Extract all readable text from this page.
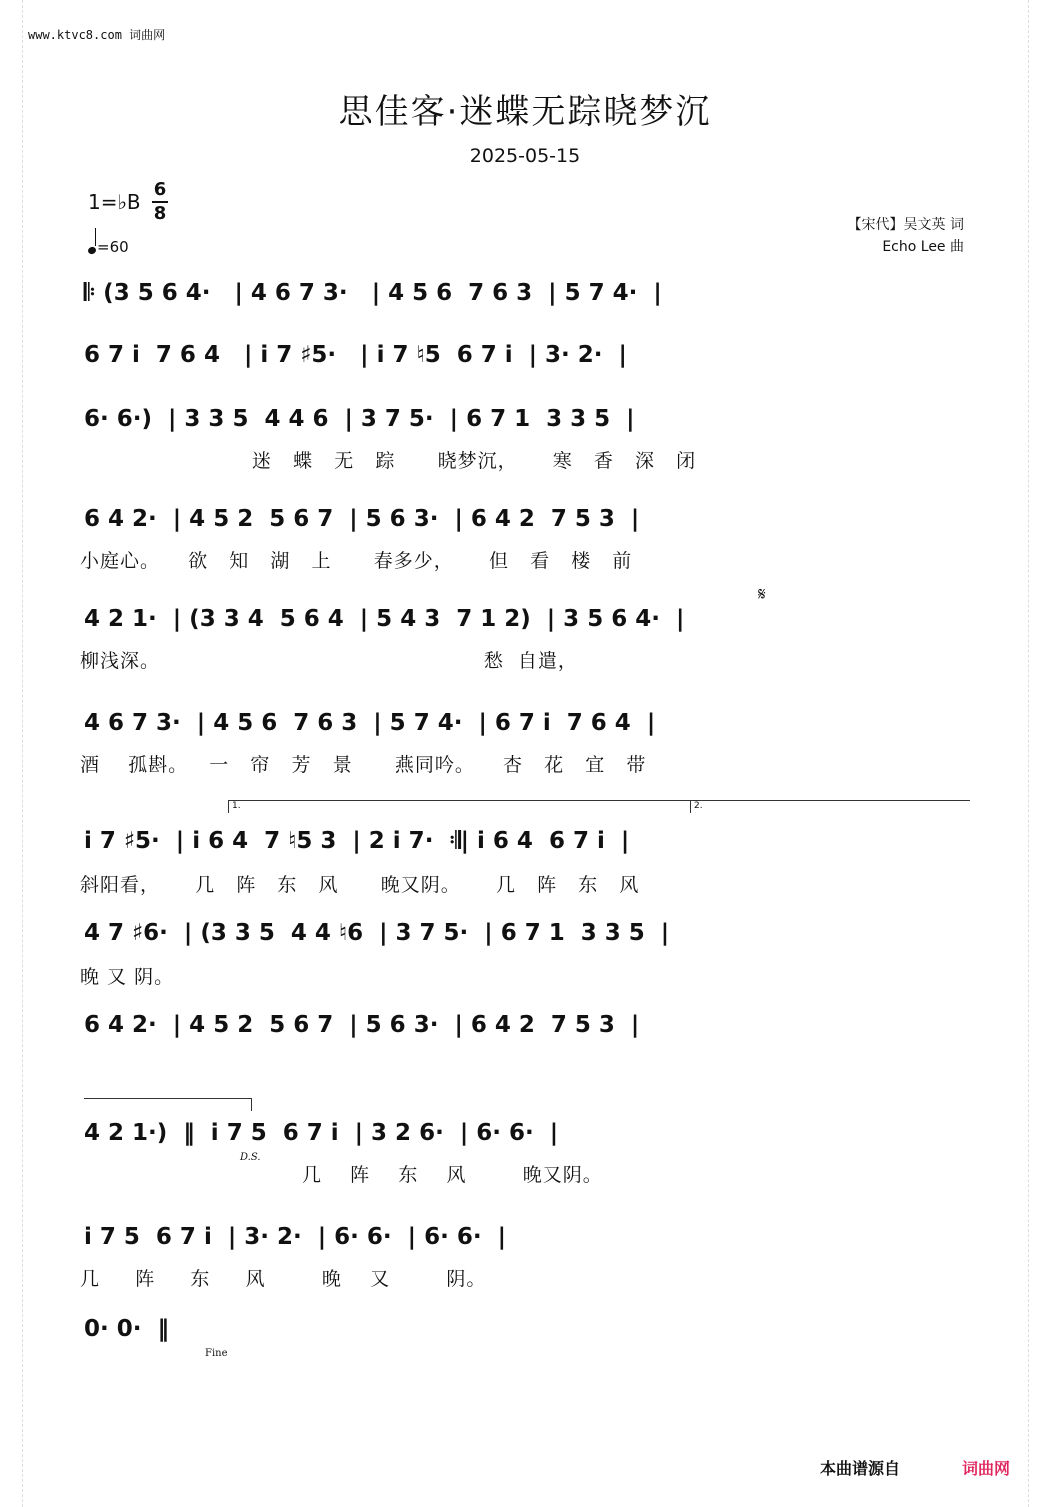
www.ktvc8.com 词曲网
思佳客·迷蝶无踪晓梦沉
2025-05-15
1=♭B
6
8
=60
【宋代】吴文英 词
Echo Lee 曲
𝄆 (3 5 6 4·   | 4 6 7 3·   | 4 5 6  7 6 3  | 5 7 4·  |
6 7 i  7 6 4   | i 7 ♯5·   | i 7 ♮5  6 7 i  | 3· 2·  |
6· 6·)  | 3 3 5  4 4 6  | 3 7 5·  | 6 7 1  3 3 5  |
迷   蝶   无   踪      晓梦沉，     寒   香   深   闭
6 4 2·  | 4 5 2  5 6 7  | 5 6 3·  | 6 4 2  7 5 3  |
小庭心。    欲   知   湖   上      春多少，     但   看   楼   前
𝄋
4 2 1·  | (3 3 4  5 6 4  | 5 4 3  7 1 2)  | 3 5 6 4·  |
柳浅深。                                              愁  自遣，
4 6 7 3·  | 4 5 6  7 6 3  | 5 7 4·  | 6 7 i  7 6 4  |
酒    孤斟。   一   帘   芳   景      燕同吟。    杏   花   宜   带
1.	2.
i 7 ♯5·  | i 6 4  7 ♮5 3  | 2 i 7·  𝄇| i 6 4  6 7 i  |
斜阳看，     几   阵   东   风      晚又阴。     几   阵   东   风
4 7 ♯6·  | (3 3 5  4 4 ♮6  | 3 7 5·  | 6 7 1  3 3 5  |
晚 又 阴。
6 4 2·  | 4 5 2  5 6 7  | 5 6 3·  | 6 4 2  7 5 3  |
4 2 1·)  ‖  i 7 5  6 7 i  | 3 2 6·  | 6· 6·  |
D.S.
几    阵    东    风        晚又阴。
i 7 5  6 7 i  | 3· 2·  | 6· 6·  | 6· 6·  |
几     阵     东     风        晚    又        阴。
0· 0·  ‖
Fine
本曲谱源自	词曲网
